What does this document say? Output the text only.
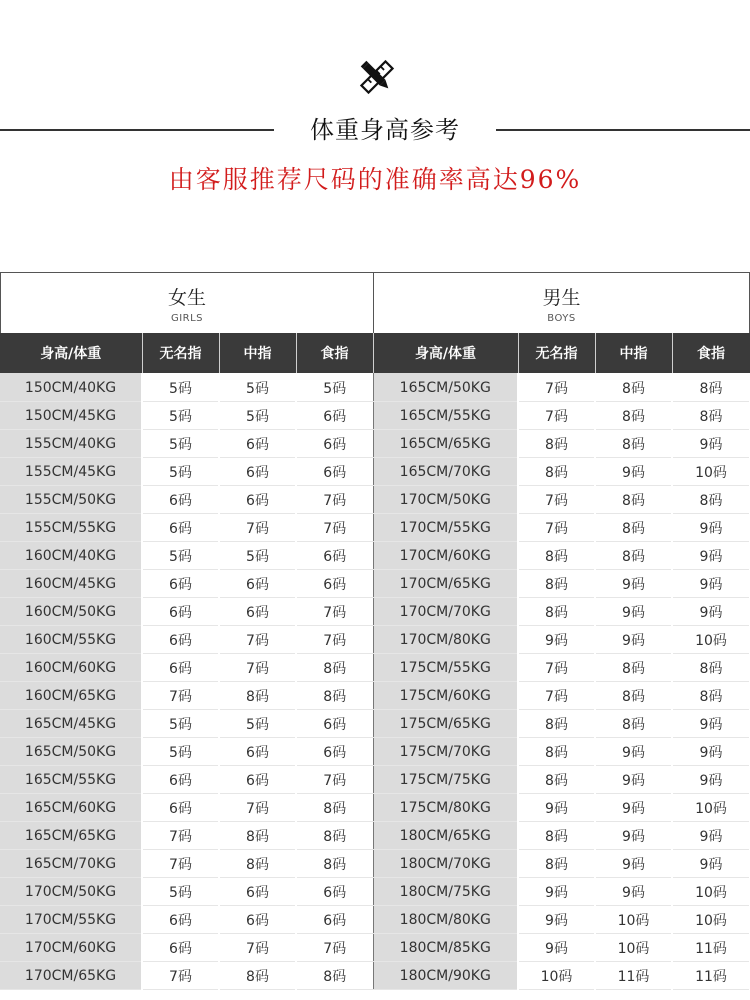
体重身高参考
由客服推荐尺码的准确率高达96%
女生
GIRLS
男生
BOYS
身高/体重	无名指	中指	食指	身高/体重	无名指	中指	食指
150CM/40KG	5码	5码	5码	165CM/50KG	7码	8码	8码
150CM/45KG	5码	5码	6码	165CM/55KG	7码	8码	8码
155CM/40KG	5码	6码	6码	165CM/65KG	8码	8码	9码
155CM/45KG	5码	6码	6码	165CM/70KG	8码	9码	10码
155CM/50KG	6码	6码	7码	170CM/50KG	7码	8码	8码
155CM/55KG	6码	7码	7码	170CM/55KG	7码	8码	9码
160CM/40KG	5码	5码	6码	170CM/60KG	8码	8码	9码
160CM/45KG	6码	6码	6码	170CM/65KG	8码	9码	9码
160CM/50KG	6码	6码	7码	170CM/70KG	8码	9码	9码
160CM/55KG	6码	7码	7码	170CM/80KG	9码	9码	10码
160CM/60KG	6码	7码	8码	175CM/55KG	7码	8码	8码
160CM/65KG	7码	8码	8码	175CM/60KG	7码	8码	8码
165CM/45KG	5码	5码	6码	175CM/65KG	8码	8码	9码
165CM/50KG	5码	6码	6码	175CM/70KG	8码	9码	9码
165CM/55KG	6码	6码	7码	175CM/75KG	8码	9码	9码
165CM/60KG	6码	7码	8码	175CM/80KG	9码	9码	10码
165CM/65KG	7码	8码	8码	180CM/65KG	8码	9码	9码
165CM/70KG	7码	8码	8码	180CM/70KG	8码	9码	9码
170CM/50KG	5码	6码	6码	180CM/75KG	9码	9码	10码
170CM/55KG	6码	6码	6码	180CM/80KG	9码	10码	10码
170CM/60KG	6码	7码	7码	180CM/85KG	9码	10码	11码
170CM/65KG	7码	8码	8码	180CM/90KG	10码	11码	11码
